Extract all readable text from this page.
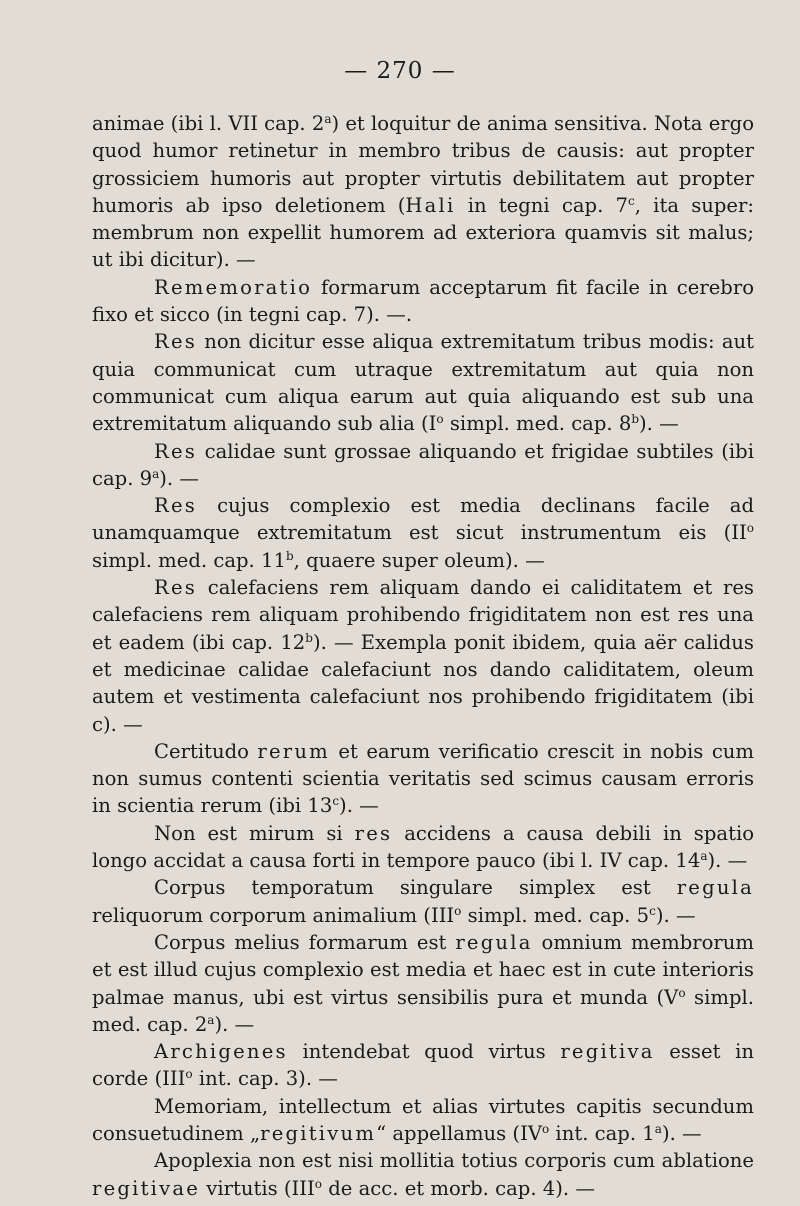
— 270 —

animae (ibi l. VII cap. 2$^a$) et loquitur de anima sensitiva. Nota ergo quod humor retinetur in membro tribus de causis: aut propter grossiciem humoris aut propter virtutis debilitatem aut propter humoris ab ipso deletionem (Hali in tegni cap. 7$^c$, ita super: membrum non expellit humorem ad exteriora quamvis sit malus; ut ibi dicitur). —

Rememoratio formarum acceptarum fit facile in cerebro fixo et sicco (in tegni cap. 7). —.

Res non dicitur esse aliqua extremitatum tribus modis: aut quia communicat cum utraque extremitatum aut quia non communicat cum aliqua earum aut quia aliquando est sub una extremitatum aliquando sub alia ($I^o$ simpl. med. cap. 8$^b$). —

Res calidae sunt grossae aliquando et frigidae subtiles (ibi cap. 9$^a$). —

Res cujus complexio est media declinans facile ad unamquamque extremitatum est sicut instrumentum eis ($II^o$ simpl. med. cap. 11$^b$, quaere super oleum). —

Res calefaciens rem aliquam dando ei caliditatem et res calefaciens rem aliquam prohibendo frigiditatem non est res una et eadem (ibi cap. 12$^b$). — Exempla ponit ibidem, quia aër calidus et medicinae calidae calefaciunt nos dando caliditatem, oleum autem et vestimenta calefaciunt nos prohibendo frigiditatem (ibi c). —

Certitudo rerum et earum verificatio crescit in nobis cum non sumus contenti scientia veritatis sed scimus causam erroris in scientia rerum (ibi 13$^c$). —

Non est mirum si res accidens a causa debili in spatio longo accidat a causa forti in tempore pauco (ibi l. IV cap. 14$^a$). —

Corpus temporatum singulare simplex est regula reliquorum corporum animalium (III$^o$ simpl. med. cap. 5$^c$). —

Corpus melius formarum est regula omnium membrorum et est illud cujus complexio est media et haec est in cute interioris palmae manus, ubi est virtus sensibilis pura et munda ($V^o$ simpl. med. cap. 2$^a$). —

Archigenes intendebat quod virtus regitiva esset in corde (III$^o$ int. cap. 3). —

Memoriam, intellectum et alias virtutes capitis secundum consuetudinem „regitivum“ appellamus ($IV^o$ int. cap. 1$^a$). —

Apoplexia non est nisi mollitia totius corporis cum ablatione regitivae virtutis (III$^o$ de acc. et morb. cap. 4). —
